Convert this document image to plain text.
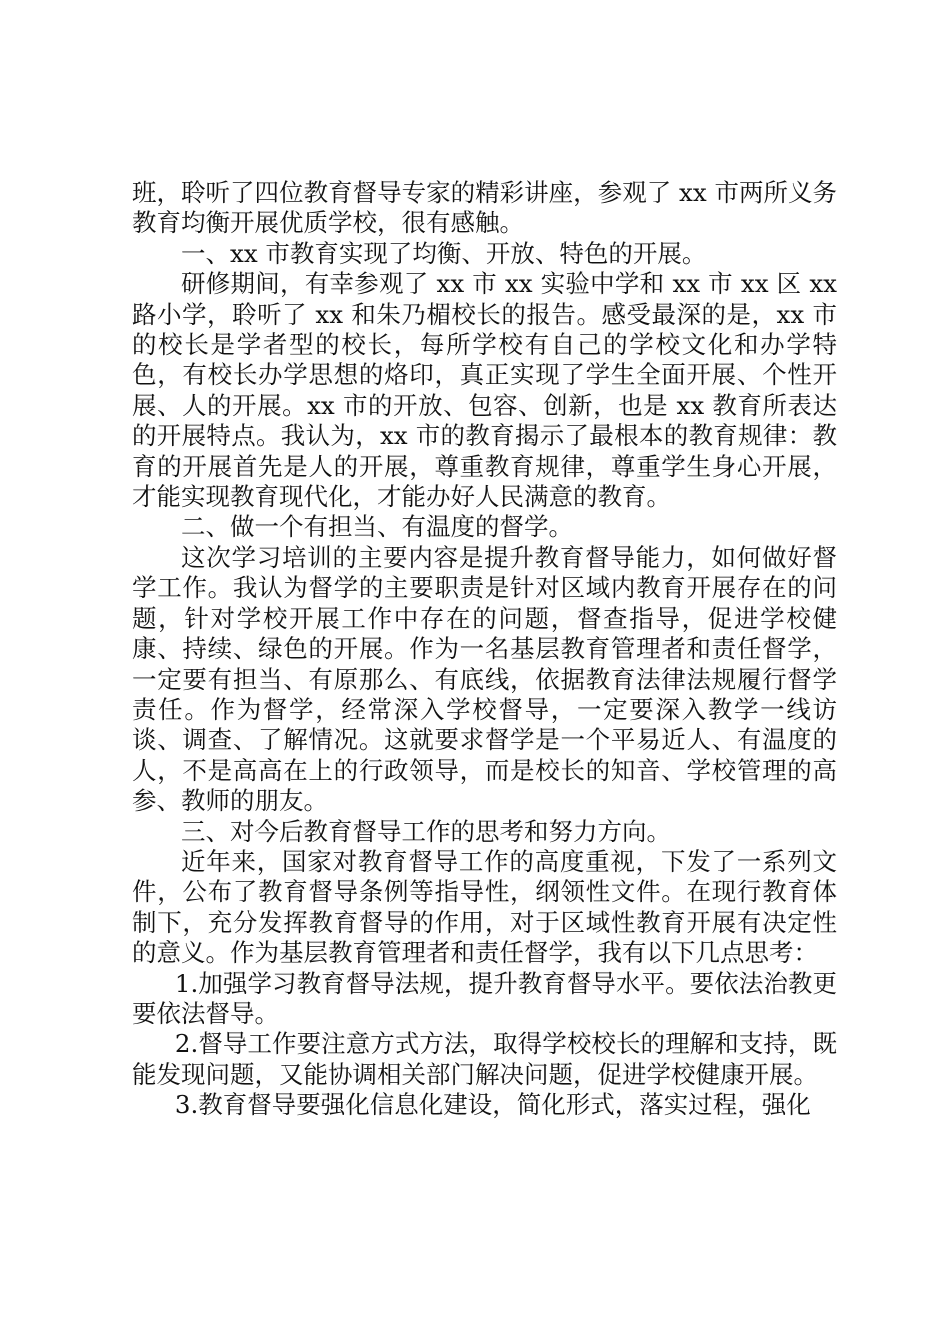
班，聆听了四位教育督导专家的精彩讲座，参观了 xx 市两所义务教育均衡开展优质学校，很有感触。

一、xx 市教育实现了均衡、开放、特色的开展。

研修期间，有幸参观了 xx 市 xx 实验中学和 xx 市 xx 区 xx 路小学，聆听了 xx 和朱乃楣校长的报告。感受最深的是，xx 市的校长是学者型的校长，每所学校有自己的学校文化和办学特色，有校长办学思想的烙印，真正实现了学生全面开展、个性开展、人的开展。xx 市的开放、包容、创新，也是 xx 教育所表达的开展特点。我认为，xx 市的教育揭示了最根本的教育规律：教育的开展首先是人的开展，尊重教育规律，尊重学生身心开展，才能实现教育现代化，才能办好人民满意的教育。

二、做一个有担当、有温度的督学。

这次学习培训的主要内容是提升教育督导能力，如何做好督学工作。我认为督学的主要职责是针对区域内教育开展存在的问题，针对学校开展工作中存在的问题，督查指导，促进学校健康、持续、绿色的开展。作为一名基层教育管理者和责任督学，一定要有担当、有原那么、有底线，依据教育法律法规履行督学责任。作为督学，经常深入学校督导，一定要深入教学一线访谈、调查、了解情况。这就要求督学是一个平易近人、有温度的人，不是高高在上的行政领导，而是校长的知音、学校管理的高参、教师的朋友。

三、对今后教育督导工作的思考和努力方向。

近年来，国家对教育督导工作的高度重视，下发了一系列文件，公布了教育督导条例等指导性，纲领性文件。在现行教育体制下，充分发挥教育督导的作用，对于区域性教育开展有决定性的意义。作为基层教育管理者和责任督学，我有以下几点思考：

1.加强学习教育督导法规，提升教育督导水平。要依法治教更要依法督导。

2.督导工作要注意方式方法，取得学校校长的理解和支持，既能发现问题，又能协调相关部门解决问题，促进学校健康开展。

3.教育督导要强化信息化建设，简化形式，落实过程，强化
